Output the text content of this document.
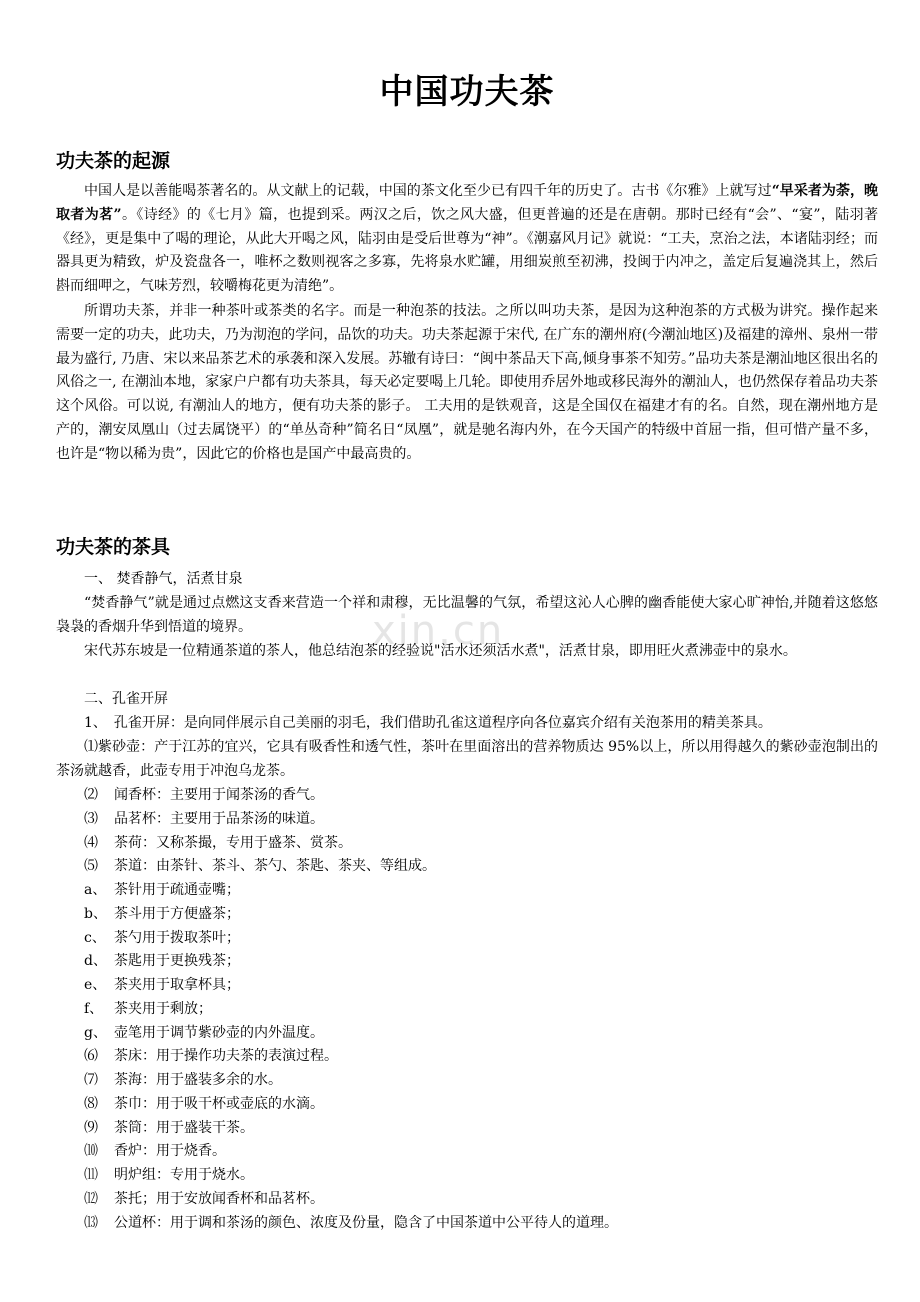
xin.cn
中国功夫茶
功夫茶的起源

中国人是以善能喝茶著名的。从文献上的记载，中国的茶文化至少已有四千年的历史了。古书《尔雅》上就写过“早采者为荼，晚取者为茗”。《诗经》的《七月》篇，也提到采。两汉之后，饮之风大盛，但更普遍的还是在唐朝。那时已经有“会”、“宴”，陆羽著《经》，更是集中了喝的理论，从此大开喝之风，陆羽由是受后世尊为“神”。《潮嘉风月记》就说：“工夫，烹治之法，本诸陆羽经；而器具更为精致，炉及瓷盘各一，唯杯之数则视客之多寡，先将泉水贮罐，用细炭煎至初沸，投闽于内冲之，盖定后复遍浇其上，然后斟而细呷之，气味芳烈，较嚼梅花更为清绝”。

所谓功夫茶，并非一种茶叶或茶类的名字。而是一种泡茶的技法。之所以叫功夫茶，是因为这种泡茶的方式极为讲究。操作起来需要一定的功夫，此功夫，乃为沏泡的学问，品饮的功夫。功夫茶起源于宋代, 在广东的潮州府(今潮汕地区)及福建的漳州、泉州一带最为盛行, 乃唐、宋以来品茶艺术的承袭和深入发展。苏辙有诗曰：“闽中茶品天下高,倾身事茶不知劳。”品功夫茶是潮汕地区很出名的风俗之一, 在潮汕本地，家家户户都有功夫茶具，每天必定要喝上几轮。即使用乔居外地或移民海外的潮汕人，也仍然保存着品功夫茶这个风俗。可以说, 有潮汕人的地方，便有功夫茶的影子。 工夫用的是铁观音，这是全国仅在福建才有的名。自然，现在潮州地方是产的，潮安凤凰山（过去属饶平）的“单丛奇种”简名日“凤凰”，就是驰名海内外，在今天国产的特级中首屈一指，但可惜产量不多，也许是“物以稀为贵”，因此它的价格也是国产中最高贵的。

功夫茶的茶具

一、 焚香静气，活煮甘泉

“焚香静气”就是通过点燃这支香来营造一个祥和肃穆，无比温馨的气氛，希望这沁人心脾的幽香能使大家心旷神怡,并随着这悠悠袅袅的香烟升华到悟道的境界。

宋代苏东坡是一位精通茶道的茶人，他总结泡茶的经验说"活水还须活水煮"，活煮甘泉，即用旺火煮沸壶中的泉水。

二、孔雀开屏

1、　孔雀开屏：是向同伴展示自己美丽的羽毛，我们借助孔雀这道程序向各位嘉宾介绍有关泡茶用的精美茶具。

⑴紫砂壶：产于江苏的宜兴，它具有吸香性和透气性，茶叶在里面溶出的营养物质达 95%以上，所以用得越久的紫砂壶泡制出的茶汤就越香，此壶专用于冲泡乌龙茶。

⑵ 闻香杯：主要用于闻茶汤的香气。

⑶ 品茗杯：主要用于品茶汤的味道。

⑷ 茶荷：又称茶撮，专用于盛茶、赏茶。

⑸ 茶道：由茶针、茶斗、茶勺、茶匙、茶夹、等组成。

a、 茶针用于疏通壶嘴；

b、 茶斗用于方便盛茶；

c、 茶勺用于拨取茶叶；

d、 茶匙用于更换残茶；

e、 茶夹用于取拿杯具；

f、 茶夹用于剩放；

g、 壶笔用于调节紫砂壶的内外温度。

⑹ 茶床：用于操作功夫茶的表演过程。

⑺ 茶海：用于盛装多余的水。

⑻ 茶巾：用于吸干杯或壶底的水滴。

⑼ 茶筒：用于盛装干茶。

⑽ 香炉：用于烧香。

⑾ 明炉组：专用于烧水。

⑿ 茶托；用于安放闻香杯和品茗杯。

⒀ 公道杯：用于调和茶汤的颜色、浓度及份量，隐含了中国茶道中公平待人的道理。
